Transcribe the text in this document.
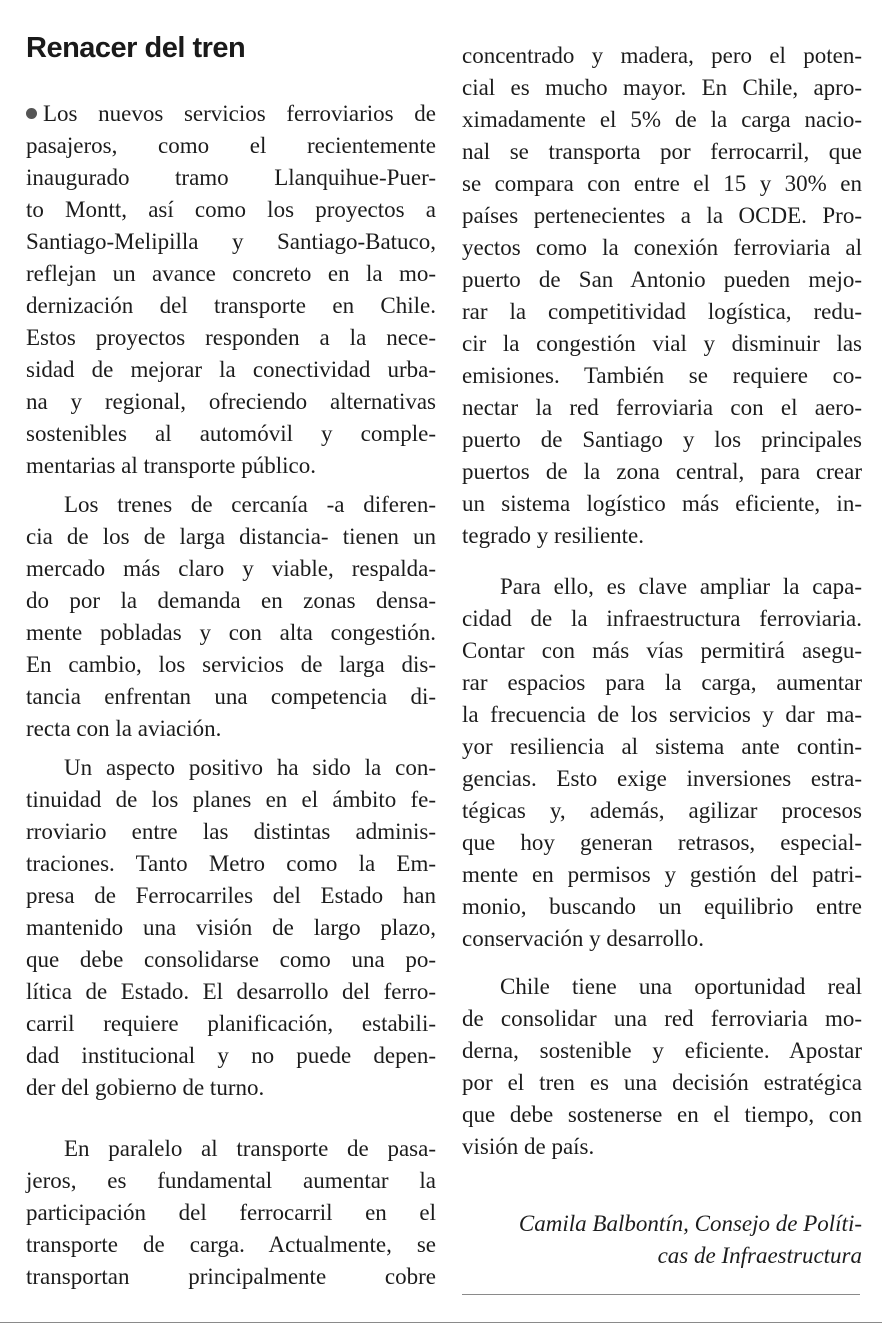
Renacer del tren
Los nuevos servicios ferroviarios de
pasajeros, como el recientemente
inaugurado tramo Llanquihue-Puer-
to Montt, así como los proyectos a
Santiago-Melipilla y Santiago-Batuco,
reflejan un avance concreto en la mo-
dernización del transporte en Chile.
Estos proyectos responden a la nece-
sidad de mejorar la conectividad urba-
na y regional, ofreciendo alternativas
sostenibles al automóvil y comple-
mentarias al transporte público.
Los trenes de cercanía -a diferen-
cia de los de larga distancia- tienen un
mercado más claro y viable, respalda-
do por la demanda en zonas densa-
mente pobladas y con alta congestión.
En cambio, los servicios de larga dis-
tancia enfrentan una competencia di-
recta con la aviación.
Un aspecto positivo ha sido la con-
tinuidad de los planes en el ámbito fe-
rroviario entre las distintas adminis-
traciones. Tanto Metro como la Em-
presa de Ferrocarriles del Estado han
mantenido una visión de largo plazo,
que debe consolidarse como una po-
lítica de Estado. El desarrollo del ferro-
carril requiere planificación, estabili-
dad institucional y no puede depen-
der del gobierno de turno.
En paralelo al transporte de pasa-
jeros, es fundamental aumentar la
participación del ferrocarril en el
transporte de carga. Actualmente, se
transportan principalmente cobre
concentrado y madera, pero el poten-
cial es mucho mayor. En Chile, apro-
ximadamente el 5% de la carga nacio-
nal se transporta por ferrocarril, que
se compara con entre el 15 y 30% en
países pertenecientes a la OCDE. Pro-
yectos como la conexión ferroviaria al
puerto de San Antonio pueden mejo-
rar la competitividad logística, redu-
cir la congestión vial y disminuir las
emisiones. También se requiere co-
nectar la red ferroviaria con el aero-
puerto de Santiago y los principales
puertos de la zona central, para crear
un sistema logístico más eficiente, in-
tegrado y resiliente.
Para ello, es clave ampliar la capa-
cidad de la infraestructura ferroviaria.
Contar con más vías permitirá asegu-
rar espacios para la carga, aumentar
la frecuencia de los servicios y dar ma-
yor resiliencia al sistema ante contin-
gencias. Esto exige inversiones estra-
tégicas y, además, agilizar procesos
que hoy generan retrasos, especial-
mente en permisos y gestión del patri-
monio, buscando un equilibrio entre
conservación y desarrollo.
Chile tiene una oportunidad real
de consolidar una red ferroviaria mo-
derna, sostenible y eficiente. Apostar
por el tren es una decisión estratégica
que debe sostenerse en el tiempo, con
visión de país.
Camila Balbontín, Consejo de Políti-
cas de Infraestructura
